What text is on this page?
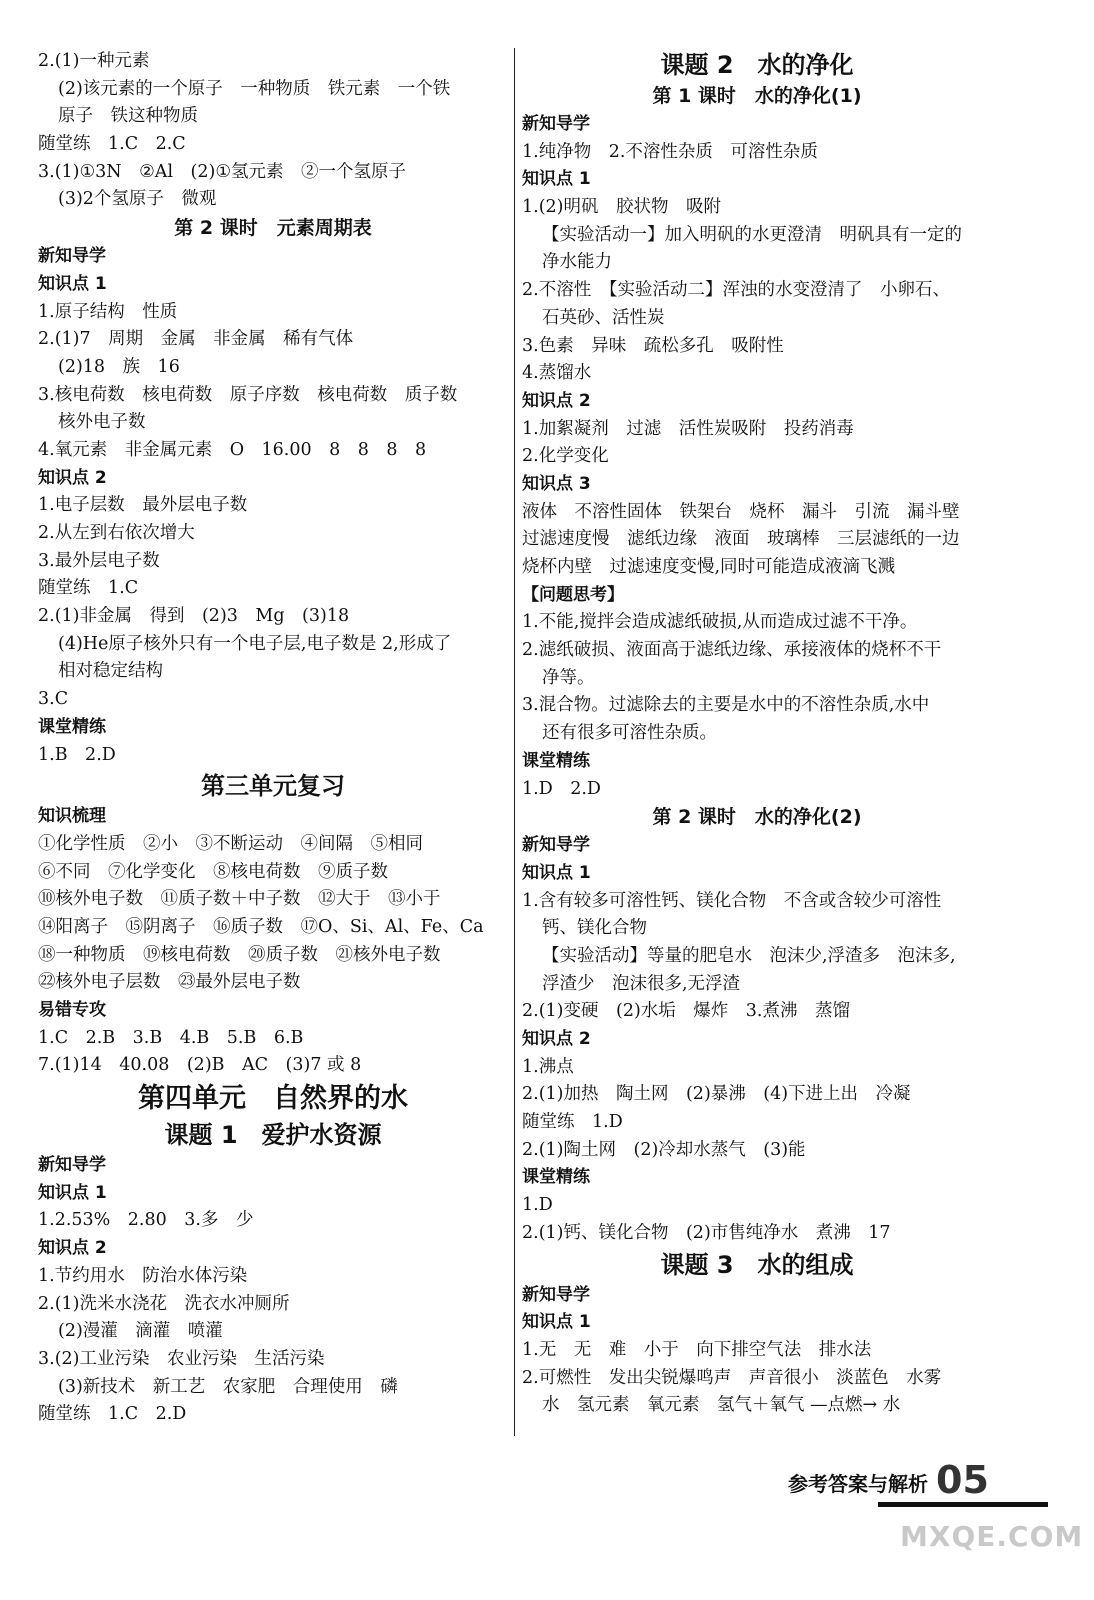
2.(1)一种元素
(2)该元素的一个原子　一种物质　铁元素　一个铁
原子　铁这种物质
随堂练　1.C　2.C
3.(1)①3N　②Al　(2)①氢元素　②一个氢原子
(3)2个氢原子　微观
第 2 课时　元素周期表
新知导学
知识点 1
1.原子结构　性质
2.(1)7　周期　金属　非金属　稀有气体
(2)18　族　16
3.核电荷数　核电荷数　原子序数　核电荷数　质子数
核外电子数
4.氧元素　非金属元素　O　16.00　8　8　8　8
知识点 2
1.电子层数　最外层电子数
2.从左到右依次增大
3.最外层电子数
随堂练　1.C
2.(1)非金属　得到　(2)3　Mg　(3)18
(4)He原子核外只有一个电子层,电子数是 2,形成了
相对稳定结构
3.C
课堂精练
1.B　2.D
第三单元复习
知识梳理
①化学性质　②小　③不断运动　④间隔　⑤相同
⑥不同　⑦化学变化　⑧核电荷数　⑨质子数
⑩核外电子数　⑪质子数＋中子数　⑫大于　⑬小于
⑭阳离子　⑮阴离子　⑯质子数　⑰O、Si、Al、Fe、Ca
⑱一种物质　⑲核电荷数　⑳质子数　㉑核外电子数
㉒核外电子层数　㉓最外层电子数
易错专攻
1.C　2.B　3.B　4.B　5.B　6.B
7.(1)14　40.08　(2)B　AC　(3)7 或 8
第四单元　自然界的水
课题 1　爱护水资源
新知导学
知识点 1
1.2.53%　2.80　3.多　少
知识点 2
1.节约用水　防治水体污染
2.(1)洗米水浇花　洗衣水冲厕所
(2)漫灌　滴灌　喷灌
3.(2)工业污染　农业污染　生活污染
(3)新技术　新工艺　农家肥　合理使用　磷
随堂练　1.C　2.D
课题 2　水的净化
第 1 课时　水的净化(1)
新知导学
1.纯净物　2.不溶性杂质　可溶性杂质
知识点 1
1.(2)明矾　胶状物　吸附
【实验活动一】加入明矾的水更澄清　明矾具有一定的
净水能力
2.不溶性　【实验活动二】浑浊的水变澄清了　小卵石、
石英砂、活性炭
3.色素　异味　疏松多孔　吸附性
4.蒸馏水
知识点 2
1.加絮凝剂　过滤　活性炭吸附　投药消毒
2.化学变化
知识点 3
液体　不溶性固体　铁架台　烧杯　漏斗　引流　漏斗壁
过滤速度慢　滤纸边缘　液面　玻璃棒　三层滤纸的一边
烧杯内壁　过滤速度变慢,同时可能造成液滴飞溅
【问题思考】
1.不能,搅拌会造成滤纸破损,从而造成过滤不干净。
2.滤纸破损、液面高于滤纸边缘、承接液体的烧杯不干
净等。
3.混合物。过滤除去的主要是水中的不溶性杂质,水中
还有很多可溶性杂质。
课堂精练
1.D　2.D
第 2 课时　水的净化(2)
新知导学
知识点 1
1.含有较多可溶性钙、镁化合物　不含或含较少可溶性
钙、镁化合物
【实验活动】等量的肥皂水　泡沫少,浮渣多　泡沫多,
浮渣少　泡沫很多,无浮渣
2.(1)变硬　(2)水垢　爆炸　3.煮沸　蒸馏
知识点 2
1.沸点
2.(1)加热　陶土网　(2)暴沸　(4)下进上出　冷凝
随堂练　1.D
2.(1)陶土网　(2)冷却水蒸气　(3)能
课堂精练
1.D
2.(1)钙、镁化合物　(2)市售纯净水　煮沸　17
课题 3　水的组成
新知导学
知识点 1
1.无　无　难　小于　向下排空气法　排水法
2.可燃性　发出尖锐爆鸣声　声音很小　淡蓝色　水雾
水　氢元素　氧元素　氢气＋氧气 —点燃→ 水
参考答案与解析 05
MXQE.COM
